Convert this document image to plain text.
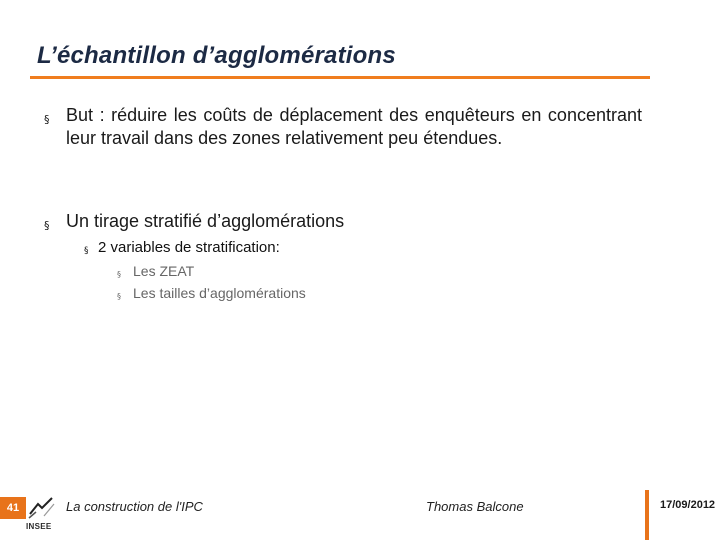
L’échantillon d’agglomérations
§ But : réduire les coûts de déplacement des enquêteurs en concentrant leur travail dans des zones relativement peu étendues.
§ Un tirage stratifié d’agglomérations
§ 2 variables de stratification:
§ Les ZEAT
§ Les tailles d’agglomérations
41
INSEE
La construction de l'IPC	Thomas Balcone	17/09/2012
